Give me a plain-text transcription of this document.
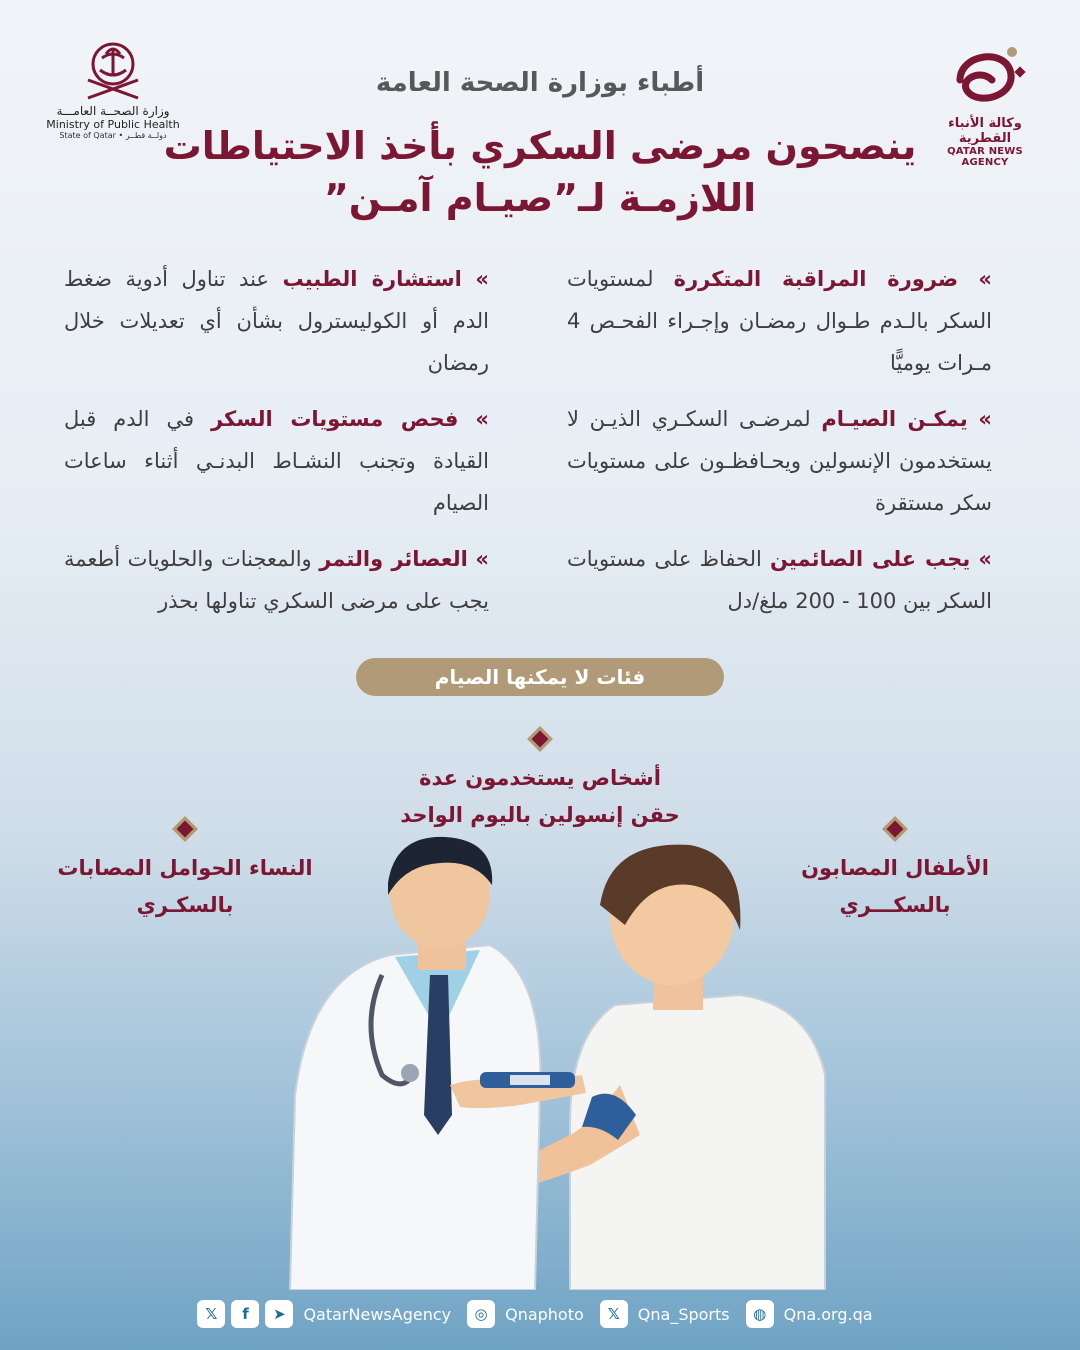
وكالة الأنباء القطرية
QATAR NEWS AGENCY
وزارة الصحــة العامـــة
Ministry of Public Health
State of Qatar • دولــة قطــر
أطباء بوزارة الصحة العامة
ينصحون مرضى السكري بأخذ الاحتياطات
اللازمـة لـ”صيـام آمـن”
» ضرورة المراقبة المتكررة لمستويات السكر بالـدم طـوال رمضـان وإجـراء الفحـص 4 مـرات يوميًّا
» يمكـن الصيـام لمرضـى السكـري الذيـن لا يستخدمون الإنسولين ويحـافظـون على مستويات سكر مستقرة
» يجب على الصائمين الحفاظ على مستويات السكر بين 100 - 200 ملغ/دل
» استشارة الطبيب عند تناول أدوية ضغط الدم أو الكوليسترول بشأن أي تعديلات خلال رمضان
» فحص مستويات السكر في الدم قبل القيادة وتجنب النشـاط البدنـي أثناء ساعات الصيام
» العصائر والتمر والمعجنات والحلويات أطعمة يجب على مرضى السكري تناولها بحذر
فئات لا يمكنها الصيام
أشخاص يستخدمون عدة
حقن إنسولين باليوم الواحد
الأطفال المصابون
بالسكـــري
النساء الحوامل المصابات
بالسكـري
𝕏	f	➤	QatarNewsAgency	◎	Qnaphoto	𝕏	Qna_Sports	◍	Qna.org.qa
